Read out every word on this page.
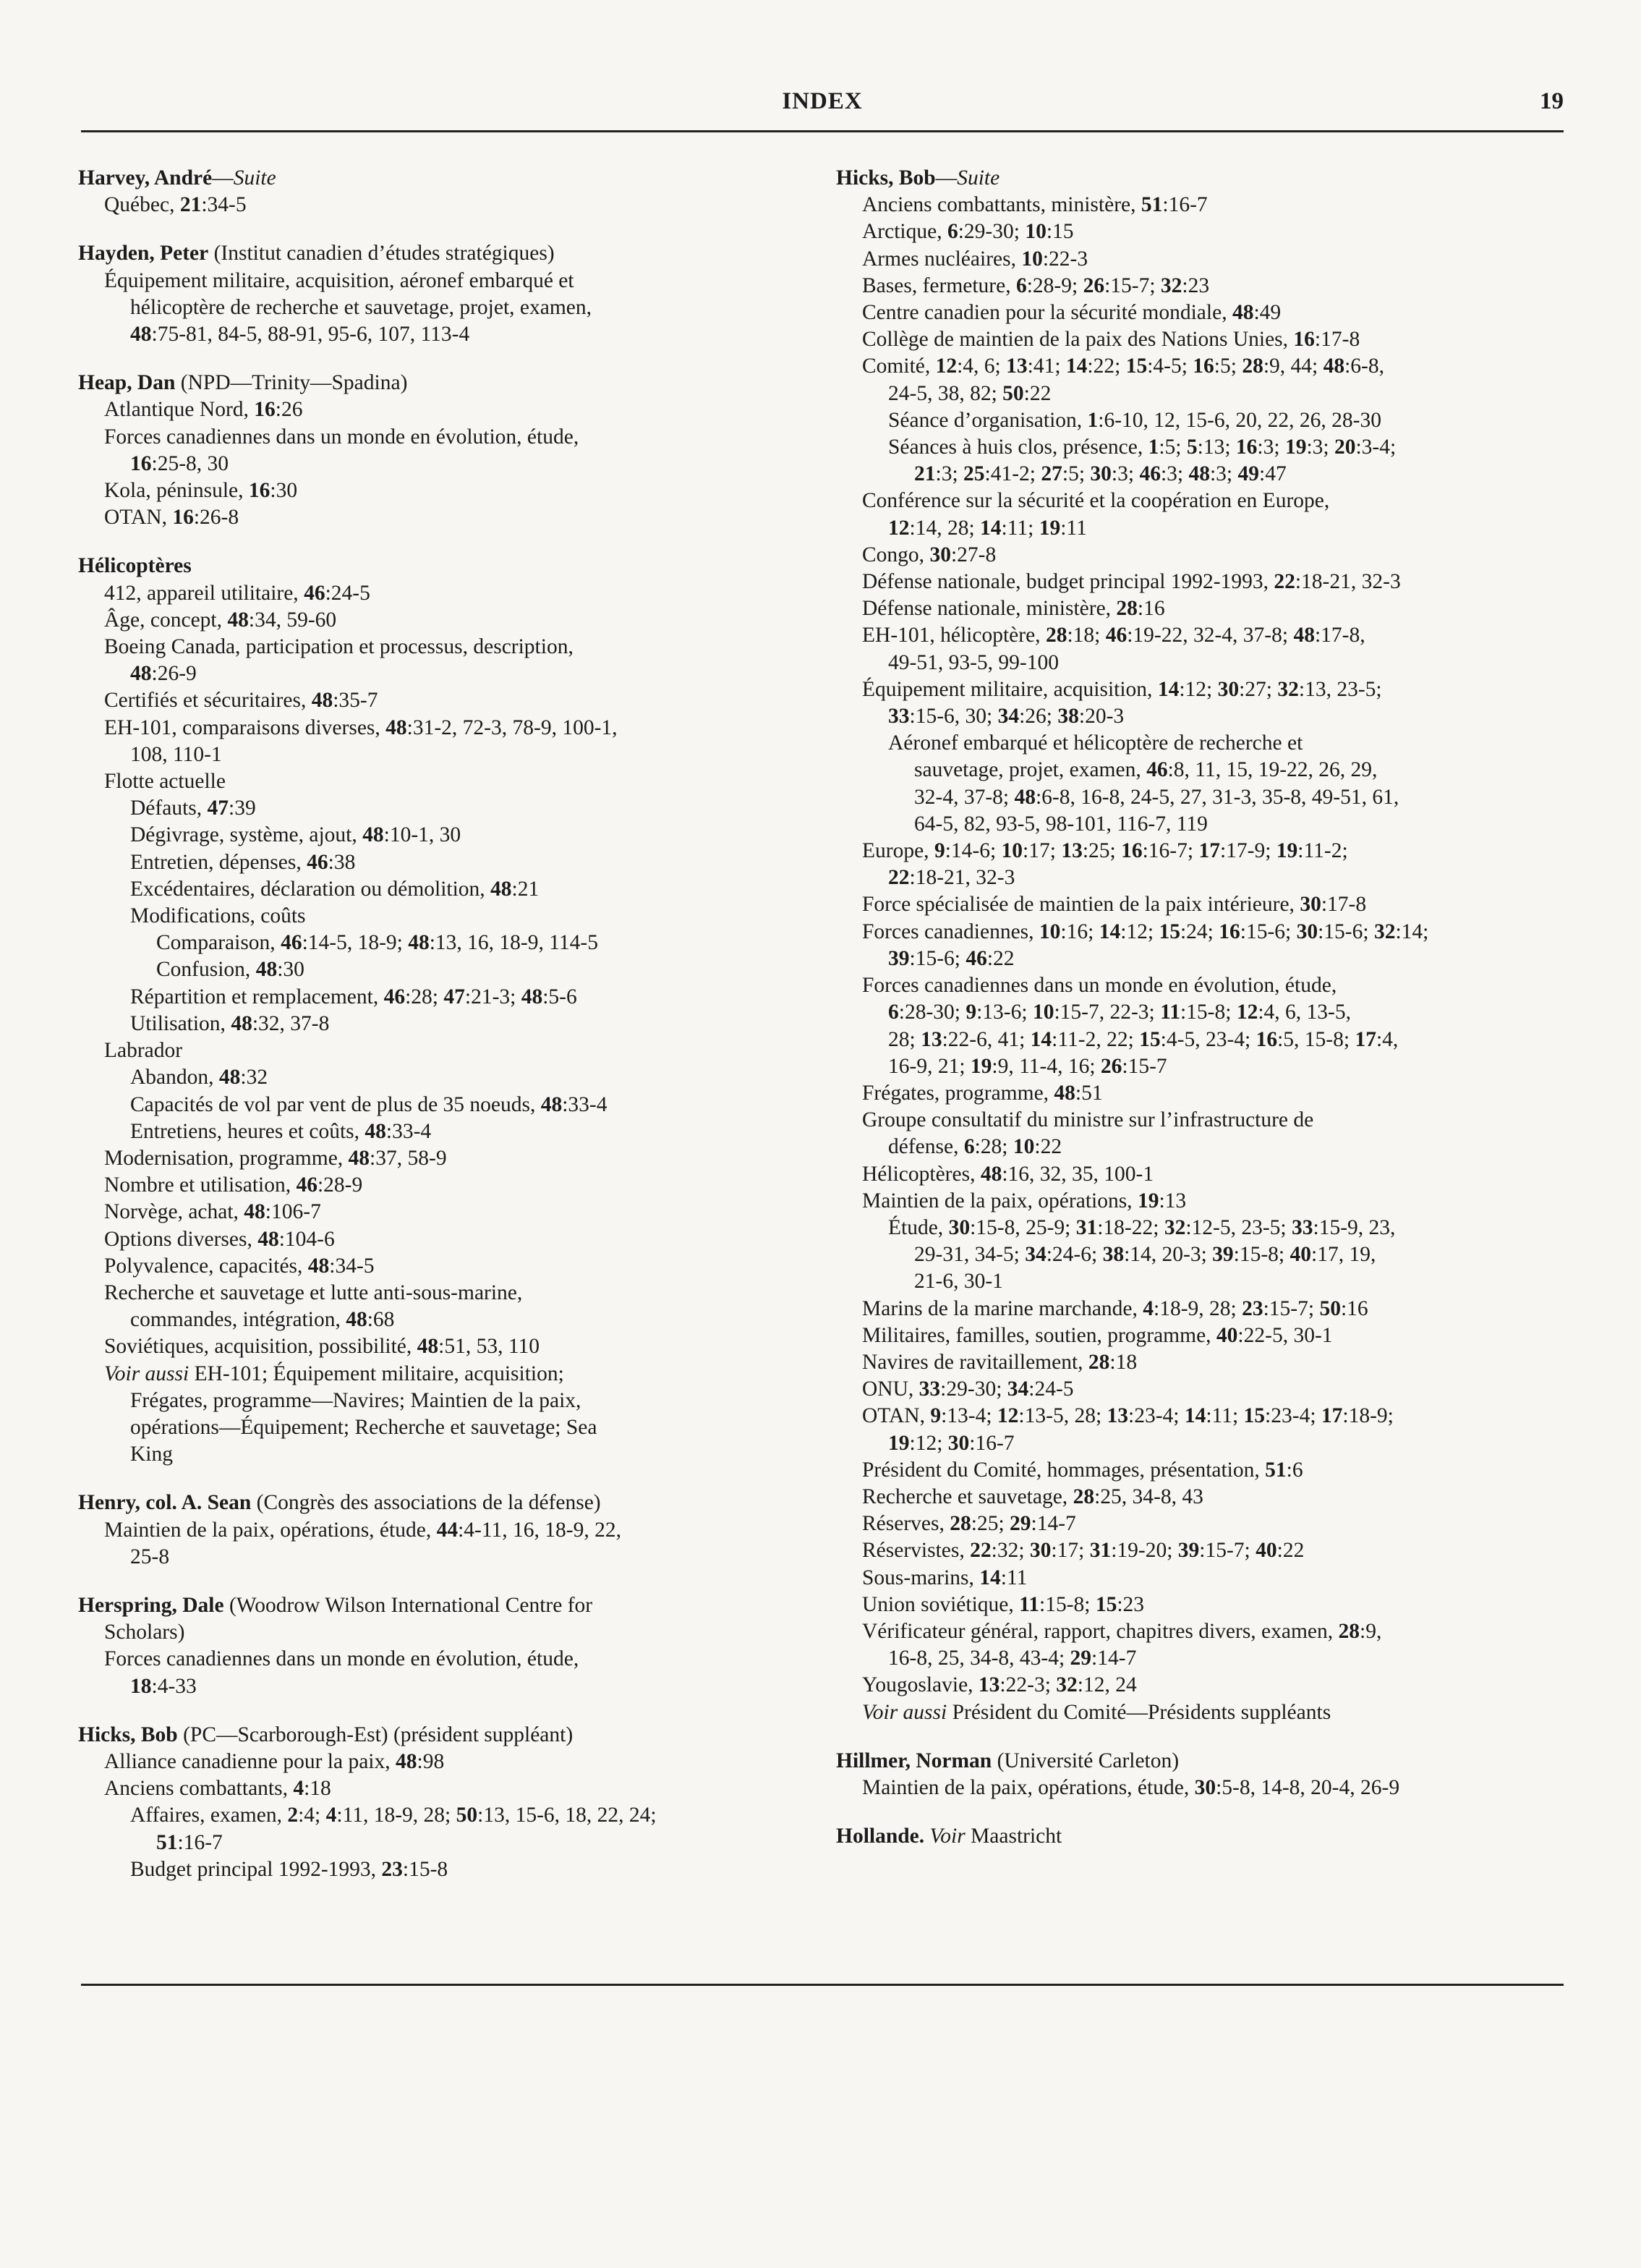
INDEX	19
Harvey, André—Suite
Québec, 21:34-5
Hayden, Peter (Institut canadien d’études stratégiques)
Équipement militaire, acquisition, aéronef embarqué et
hélicoptère de recherche et sauvetage, projet, examen,
48:75-81, 84-5, 88-91, 95-6, 107, 113-4
Heap, Dan (NPD—Trinity—Spadina)
Atlantique Nord, 16:26
Forces canadiennes dans un monde en évolution, étude,
16:25-8, 30
Kola, péninsule, 16:30
OTAN, 16:26-8
Hélicoptères
412, appareil utilitaire, 46:24-5
Âge, concept, 48:34, 59-60
Boeing Canada, participation et processus, description,
48:26-9
Certifiés et sécuritaires, 48:35-7
EH-101, comparaisons diverses, 48:31-2, 72-3, 78-9, 100-1,
108, 110-1
Flotte actuelle
Défauts, 47:39
Dégivrage, système, ajout, 48:10-1, 30
Entretien, dépenses, 46:38
Excédentaires, déclaration ou démolition, 48:21
Modifications, coûts
Comparaison, 46:14-5, 18-9; 48:13, 16, 18-9, 114-5
Confusion, 48:30
Répartition et remplacement, 46:28; 47:21-3; 48:5-6
Utilisation, 48:32, 37-8
Labrador
Abandon, 48:32
Capacités de vol par vent de plus de 35 noeuds, 48:33-4
Entretiens, heures et coûts, 48:33-4
Modernisation, programme, 48:37, 58-9
Nombre et utilisation, 46:28-9
Norvège, achat, 48:106-7
Options diverses, 48:104-6
Polyvalence, capacités, 48:34-5
Recherche et sauvetage et lutte anti-sous-marine,
commandes, intégration, 48:68
Soviétiques, acquisition, possibilité, 48:51, 53, 110
Voir aussi EH-101; Équipement militaire, acquisition;
Frégates, programme—Navires; Maintien de la paix,
opérations—Équipement; Recherche et sauvetage; Sea
King
Henry, col. A. Sean (Congrès des associations de la défense)
Maintien de la paix, opérations, étude, 44:4-11, 16, 18-9, 22,
25-8
Herspring, Dale (Woodrow Wilson International Centre for
Scholars)
Forces canadiennes dans un monde en évolution, étude,
18:4-33
Hicks, Bob (PC—Scarborough-Est) (président suppléant)
Alliance canadienne pour la paix, 48:98
Anciens combattants, 4:18
Affaires, examen, 2:4; 4:11, 18-9, 28; 50:13, 15-6, 18, 22, 24;
51:16-7
Budget principal 1992-1993, 23:15-8
Hicks, Bob—Suite
Anciens combattants, ministère, 51:16-7
Arctique, 6:29-30; 10:15
Armes nucléaires, 10:22-3
Bases, fermeture, 6:28-9; 26:15-7; 32:23
Centre canadien pour la sécurité mondiale, 48:49
Collège de maintien de la paix des Nations Unies, 16:17-8
Comité, 12:4, 6; 13:41; 14:22; 15:4-5; 16:5; 28:9, 44; 48:6-8,
24-5, 38, 82; 50:22
Séance d’organisation, 1:6-10, 12, 15-6, 20, 22, 26, 28-30
Séances à huis clos, présence, 1:5; 5:13; 16:3; 19:3; 20:3-4;
21:3; 25:41-2; 27:5; 30:3; 46:3; 48:3; 49:47
Conférence sur la sécurité et la coopération en Europe,
12:14, 28; 14:11; 19:11
Congo, 30:27-8
Défense nationale, budget principal 1992-1993, 22:18-21, 32-3
Défense nationale, ministère, 28:16
EH-101, hélicoptère, 28:18; 46:19-22, 32-4, 37-8; 48:17-8,
49-51, 93-5, 99-100
Équipement militaire, acquisition, 14:12; 30:27; 32:13, 23-5;
33:15-6, 30; 34:26; 38:20-3
Aéronef embarqué et hélicoptère de recherche et
sauvetage, projet, examen, 46:8, 11, 15, 19-22, 26, 29,
32-4, 37-8; 48:6-8, 16-8, 24-5, 27, 31-3, 35-8, 49-51, 61,
64-5, 82, 93-5, 98-101, 116-7, 119
Europe, 9:14-6; 10:17; 13:25; 16:16-7; 17:17-9; 19:11-2;
22:18-21, 32-3
Force spécialisée de maintien de la paix intérieure, 30:17-8
Forces canadiennes, 10:16; 14:12; 15:24; 16:15-6; 30:15-6; 32:14;
39:15-6; 46:22
Forces canadiennes dans un monde en évolution, étude,
6:28-30; 9:13-6; 10:15-7, 22-3; 11:15-8; 12:4, 6, 13-5,
28; 13:22-6, 41; 14:11-2, 22; 15:4-5, 23-4; 16:5, 15-8; 17:4,
16-9, 21; 19:9, 11-4, 16; 26:15-7
Frégates, programme, 48:51
Groupe consultatif du ministre sur l’infrastructure de
défense, 6:28; 10:22
Hélicoptères, 48:16, 32, 35, 100-1
Maintien de la paix, opérations, 19:13
Étude, 30:15-8, 25-9; 31:18-22; 32:12-5, 23-5; 33:15-9, 23,
29-31, 34-5; 34:24-6; 38:14, 20-3; 39:15-8; 40:17, 19,
21-6, 30-1
Marins de la marine marchande, 4:18-9, 28; 23:15-7; 50:16
Militaires, familles, soutien, programme, 40:22-5, 30-1
Navires de ravitaillement, 28:18
ONU, 33:29-30; 34:24-5
OTAN, 9:13-4; 12:13-5, 28; 13:23-4; 14:11; 15:23-4; 17:18-9;
19:12; 30:16-7
Président du Comité, hommages, présentation, 51:6
Recherche et sauvetage, 28:25, 34-8, 43
Réserves, 28:25; 29:14-7
Réservistes, 22:32; 30:17; 31:19-20; 39:15-7; 40:22
Sous-marins, 14:11
Union soviétique, 11:15-8; 15:23
Vérificateur général, rapport, chapitres divers, examen, 28:9,
16-8, 25, 34-8, 43-4; 29:14-7
Yougoslavie, 13:22-3; 32:12, 24
Voir aussi Président du Comité—Présidents suppléants
Hillmer, Norman (Université Carleton)
Maintien de la paix, opérations, étude, 30:5-8, 14-8, 20-4, 26-9
Hollande. Voir Maastricht
